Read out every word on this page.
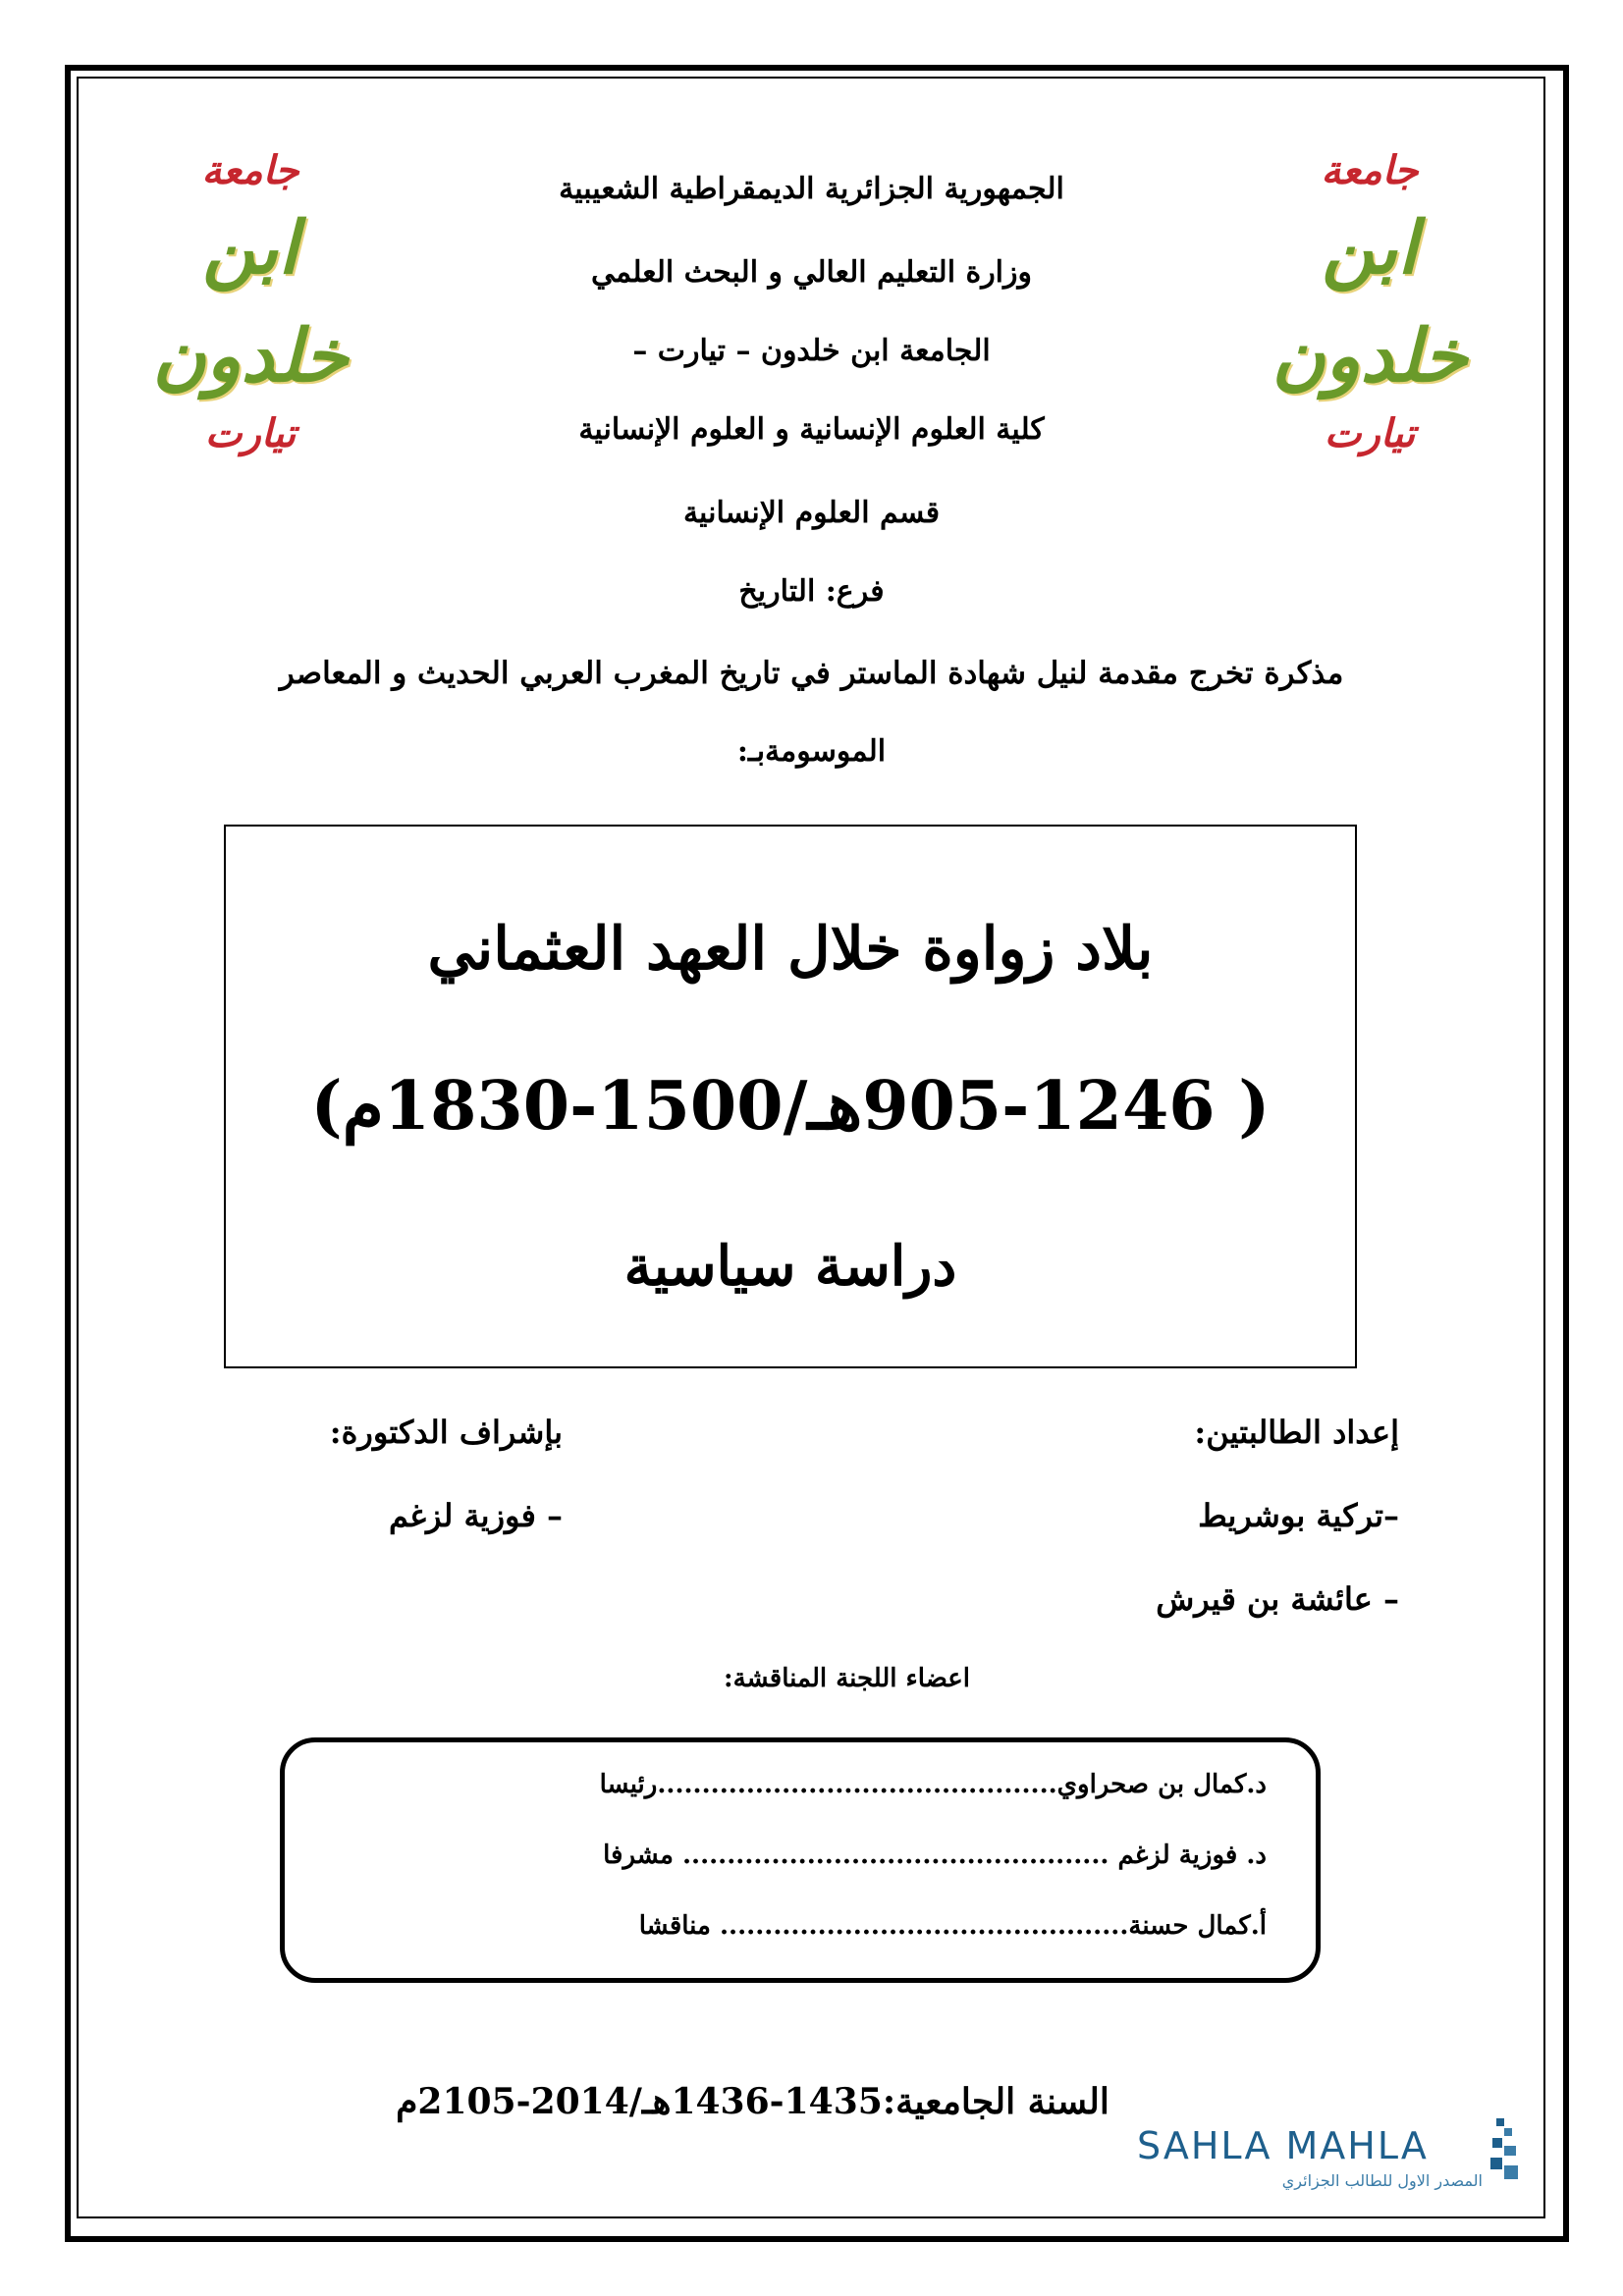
جامعة
ابن خلدون
تيارت
جامعة
ابن خلدون
تيارت
الجمهورية الجزائرية الديمقراطية الشعيبية
وزارة التعليم العالي و البحث العلمي
الجامعة ابن خلدون – تيارت –
كلية العلوم الإنسانية و العلوم الإنسانية
قسم العلوم الإنسانية
فرع: التاريخ
مذكرة تخرج مقدمة لنيل شهادة الماستر في تاريخ المغرب العربي الحديث و المعاصر
الموسومةبـ:
بلاد زواوة خلال العهد العثماني
( 905-1246هـ/1500-1830م)
دراسة سياسية
إعداد الطالبتين:
–تركية بوشريط
– عائشة بن قيرش
بإشراف الدكتورة:
– فوزية لزغم
اعضاء اللجنة المناقشة:
د.كمال بن صحراوي.............................................رئيسا
د. فوزية لزغم ................................................ مشرفا
أ.كمال حسنة.............................................. مناقشا
السنة الجامعية:1435-1436هـ/2014-2105م
SAHLA MAHLA
المصدر الاول للطالب الجزائري
